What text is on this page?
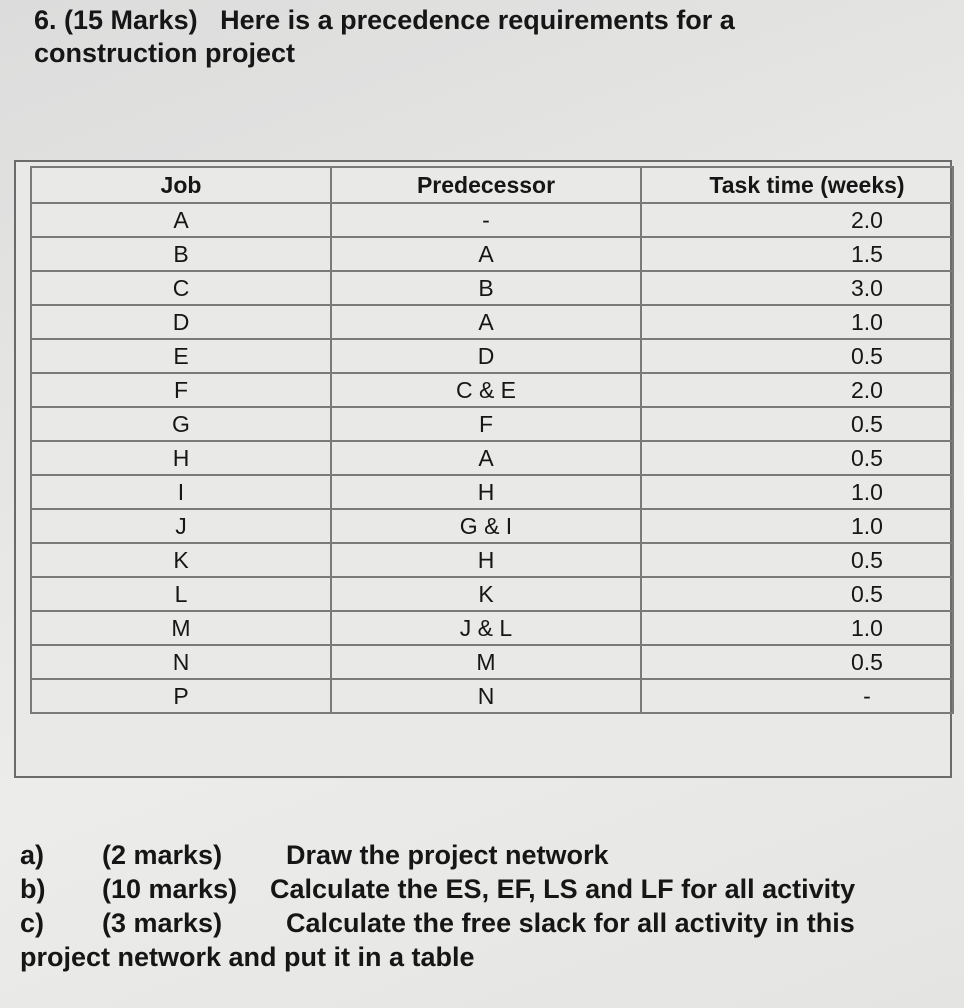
6. (15 Marks)   Here is a precedence requirements for a
construction project
Job	Predecessor	Task time (weeks)
A	-	2.0
B	A	1.5
C	B	3.0
D	A	1.0
E	D	0.5
F	C & E	2.0
G	F	0.5
H	A	0.5
I	H	1.0
J	G & I	1.0
K	H	0.5
L	K	0.5
M	J & L	1.0
N	M	0.5
P	N	-
a)	(2 marks)	Draw the project network
b)	(10 marks)	Calculate the ES, EF, LS and LF for all activity
c)	(3 marks)	Calculate the free slack for all activity in this
project network and put it in a table
